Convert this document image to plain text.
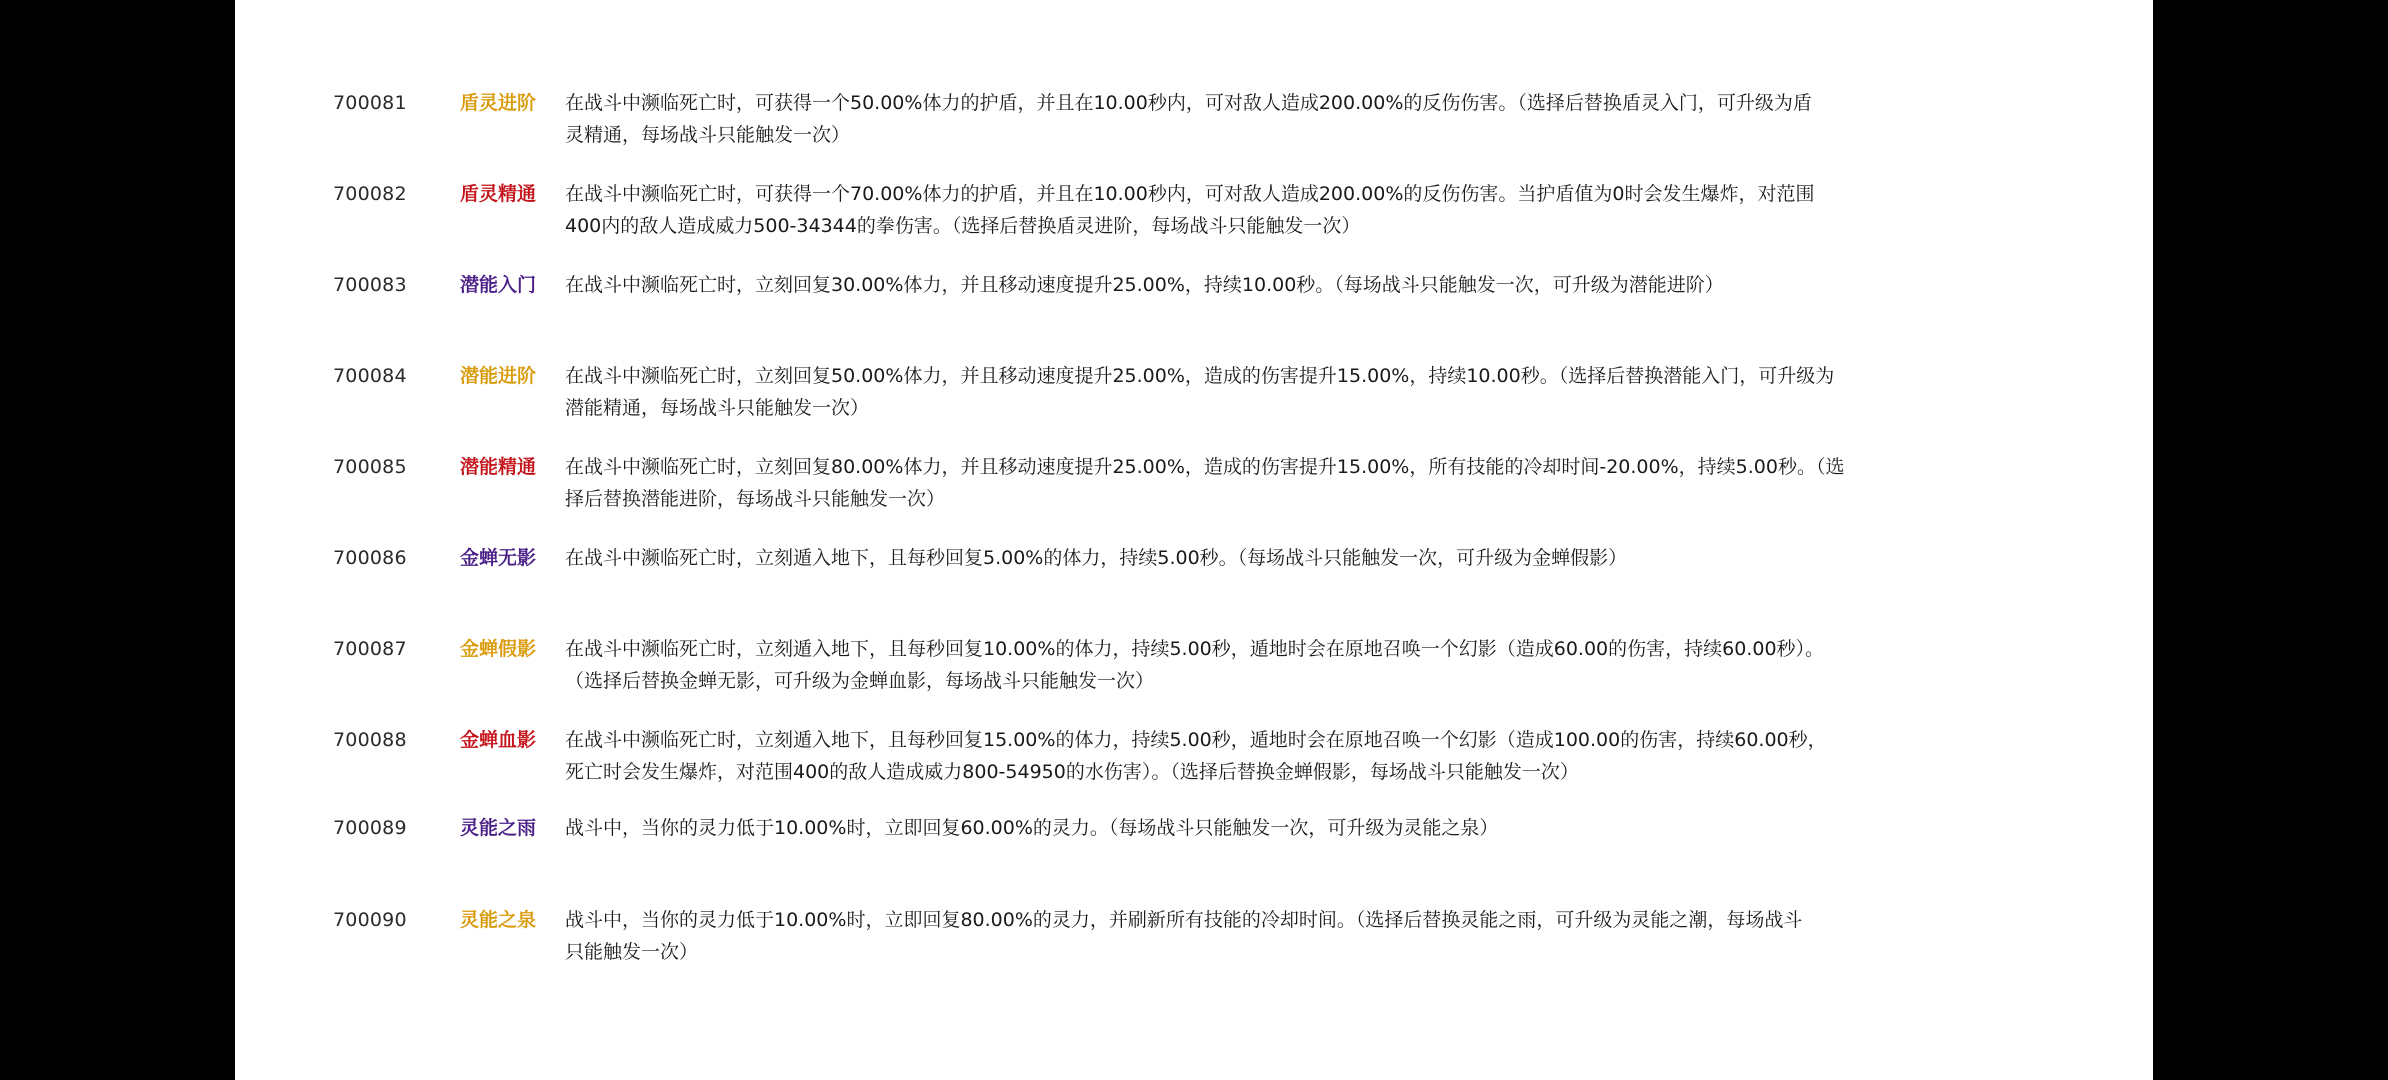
700081	盾灵进阶	在战斗中濒临死亡时，可获得一个50.00%体力的护盾，并且在10.00秒内，可对敌人造成200.00%的反伤伤害。（选择后替换盾灵入门，可升级为盾
灵精通，每场战斗只能触发一次）
700082	盾灵精通	在战斗中濒临死亡时，可获得一个70.00%体力的护盾，并且在10.00秒内，可对敌人造成200.00%的反伤伤害。当护盾值为0时会发生爆炸，对范围
400内的敌人造成威力500-34344的拳伤害。（选择后替换盾灵进阶，每场战斗只能触发一次）
700083	潜能入门	在战斗中濒临死亡时，立刻回复30.00%体力，并且移动速度提升25.00%，持续10.00秒。（每场战斗只能触发一次，可升级为潜能进阶）
700084	潜能进阶	在战斗中濒临死亡时，立刻回复50.00%体力，并且移动速度提升25.00%，造成的伤害提升15.00%，持续10.00秒。（选择后替换潜能入门，可升级为
潜能精通，每场战斗只能触发一次）
700085	潜能精通	在战斗中濒临死亡时，立刻回复80.00%体力，并且移动速度提升25.00%，造成的伤害提升15.00%，所有技能的冷却时间-20.00%，持续5.00秒。（选
择后替换潜能进阶，每场战斗只能触发一次）
700086	金蝉无影	在战斗中濒临死亡时，立刻遁入地下，且每秒回复5.00%的体力，持续5.00秒。（每场战斗只能触发一次，可升级为金蝉假影）
700087	金蝉假影	在战斗中濒临死亡时，立刻遁入地下，且每秒回复10.00%的体力，持续5.00秒，遁地时会在原地召唤一个幻影（造成60.00的伤害，持续60.00秒）。
（选择后替换金蝉无影，可升级为金蝉血影，每场战斗只能触发一次）
700088	金蝉血影	在战斗中濒临死亡时，立刻遁入地下，且每秒回复15.00%的体力，持续5.00秒，遁地时会在原地召唤一个幻影（造成100.00的伤害，持续60.00秒，
死亡时会发生爆炸，对范围400的敌人造成威力800-54950的水伤害）。（选择后替换金蝉假影，每场战斗只能触发一次）
700089	灵能之雨	战斗中，当你的灵力低于10.00%时，立即回复60.00%的灵力。（每场战斗只能触发一次，可升级为灵能之泉）
700090	灵能之泉	战斗中，当你的灵力低于10.00%时，立即回复80.00%的灵力，并刷新所有技能的冷却时间。（选择后替换灵能之雨，可升级为灵能之潮，每场战斗
只能触发一次）
